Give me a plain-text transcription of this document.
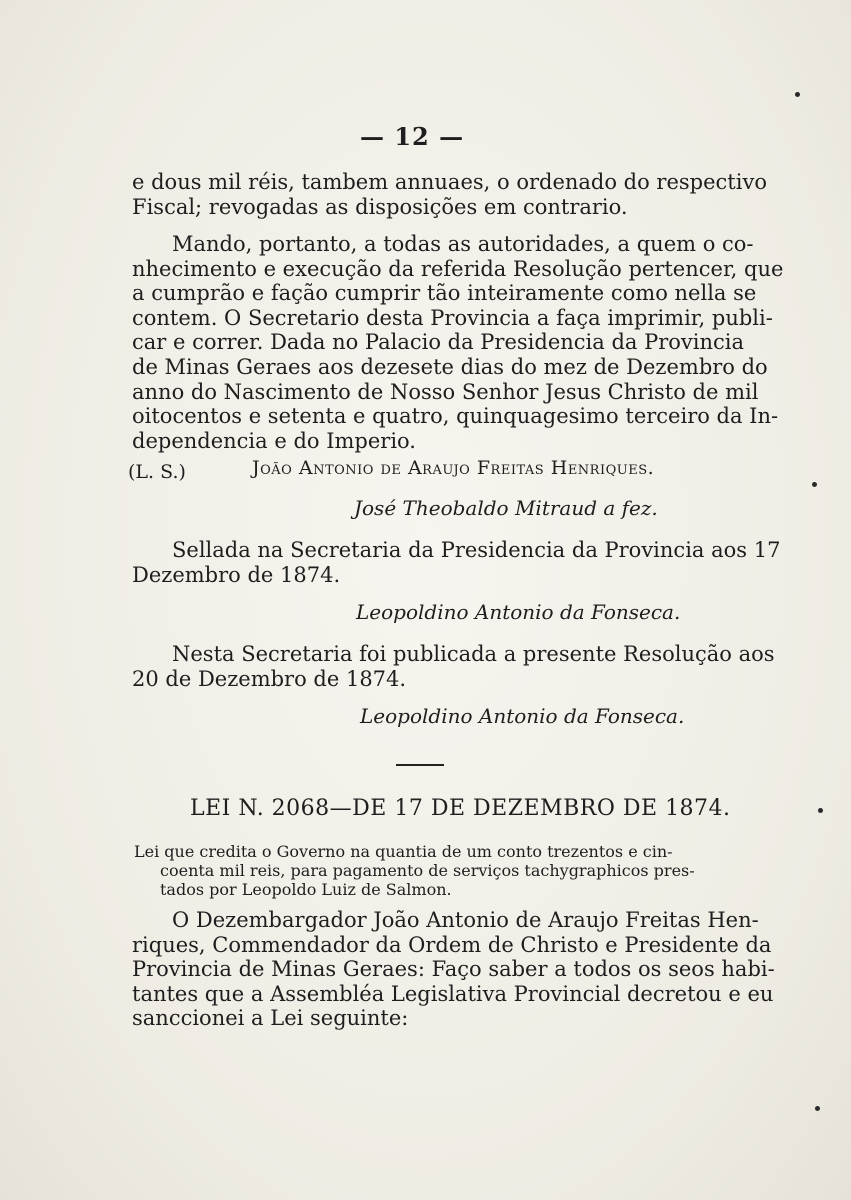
— 12 —
e dous mil réis, tambem annuaes, o ordenado do respectivo
Fiscal; revogadas as disposições em contrario.
Mando, portanto, a todas as autoridades, a quem o co-
nhecimento e execução da referida Resolução pertencer, que
a cumprão e fação cumprir tão inteiramente como nella se
contem. O Secretario desta Provincia a faça imprimir, publi-
car e correr. Dada no Palacio da Presidencia da Provincia
de Minas Geraes aos dezesete dias do mez de Dezembro do
anno do Nascimento de Nosso Senhor Jesus Christo de mil
oitocentos e setenta e quatro, quinquagesimo terceiro da In-
dependencia e do Imperio.
(L. S.)	João Antonio de Araujo Freitas Henriques.
José Theobaldo Mitraud a fez.
Sellada na Secretaria da Presidencia da Provincia aos 17
Dezembro de 1874.
Leopoldino Antonio da Fonseca.
Nesta Secretaria foi publicada a presente Resolução aos
20 de Dezembro de 1874.
Leopoldino Antonio da Fonseca.
LEI N. 2068—DE 17 DE DEZEMBRO DE 1874.
Lei que credita o Governo na quantia de um conto trezentos e cin-
coenta mil reis, para pagamento de serviços tachygraphicos pres-
tados por Leopoldo Luiz de Salmon.
O Dezembargador João Antonio de Araujo Freitas Hen-
riques, Commendador da Ordem de Christo e Presidente da
Provincia de Minas Geraes: Faço saber a todos os seos habi-
tantes que a Assembléa Legislativa Provincial decretou e eu
sanccionei a Lei seguinte:
